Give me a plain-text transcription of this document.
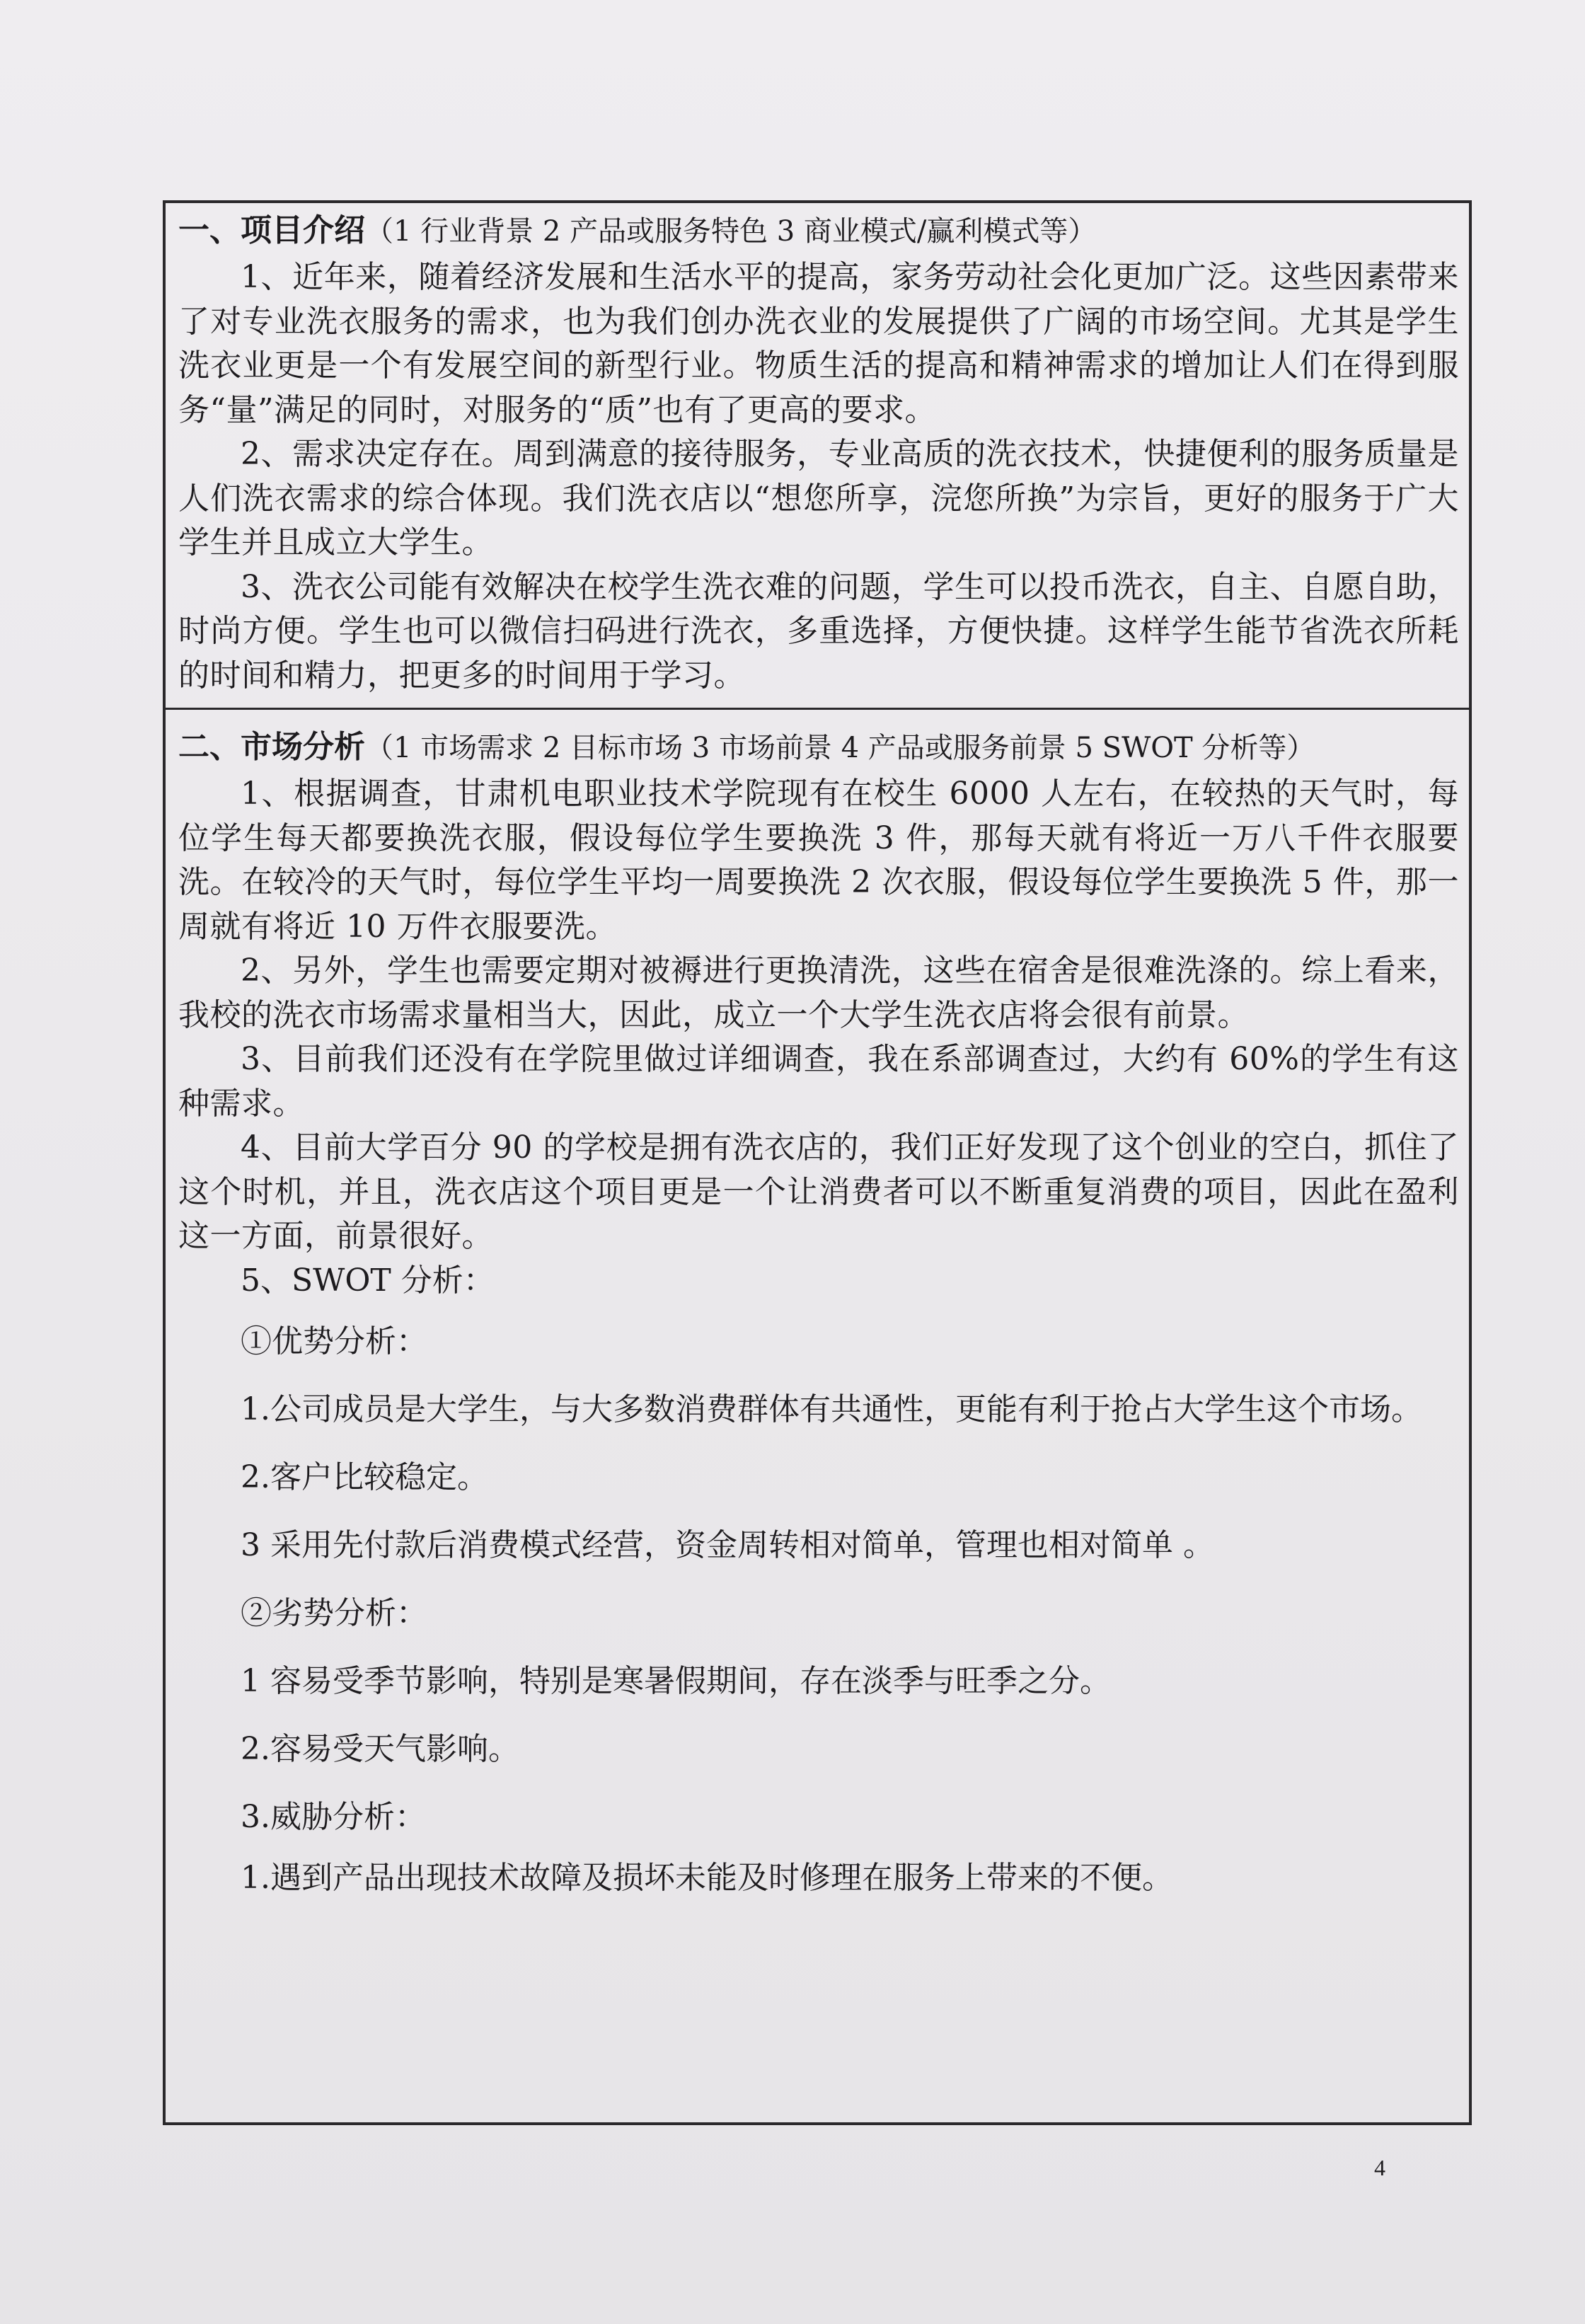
一、项目介绍（1 行业背景 2 产品或服务特色 3 商业模式/赢利模式等）

1、近年来，随着经济发展和生活水平的提高，家务劳动社会化更加广泛。这些因素带来了对专业洗衣服务的需求，也为我们创办洗衣业的发展提供了广阔的市场空间。尤其是学生洗衣业更是一个有发展空间的新型行业。物质生活的提高和精神需求的增加让人们在得到服务“量”满足的同时，对服务的“质”也有了更高的要求。

2、需求决定存在。周到满意的接待服务，专业高质的洗衣技术，快捷便利的服务质量是人们洗衣需求的综合体现。我们洗衣店以“想您所享，浣您所换”为宗旨，更好的服务于广大学生并且成立大学生。

3、洗衣公司能有效解决在校学生洗衣难的问题，学生可以投币洗衣，自主、自愿自助，时尚方便。学生也可以微信扫码进行洗衣，多重选择，方便快捷。这样学生能节省洗衣所耗的时间和精力，把更多的时间用于学习。

二、市场分析（1 市场需求 2 目标市场 3 市场前景 4 产品或服务前景 5 SWOT 分析等）

1、根据调查，甘肃机电职业技术学院现有在校生 6000 人左右，在较热的天气时，每位学生每天都要换洗衣服，假设每位学生要换洗 3 件，那每天就有将近一万八千件衣服要洗。在较冷的天气时，每位学生平均一周要换洗 2 次衣服，假设每位学生要换洗 5 件，那一周就有将近 10 万件衣服要洗。

2、另外，学生也需要定期对被褥进行更换清洗，这些在宿舍是很难洗涤的。综上看来，我校的洗衣市场需求量相当大，因此，成立一个大学生洗衣店将会很有前景。

3、目前我们还没有在学院里做过详细调查，我在系部调查过，大约有 60%的学生有这种需求。

4、目前大学百分 90 的学校是拥有洗衣店的，我们正好发现了这个创业的空白，抓住了这个时机，并且，洗衣店这个项目更是一个让消费者可以不断重复消费的项目，因此在盈利这一方面，前景很好。

5、SWOT 分析：

①优势分析：

1.公司成员是大学生，与大多数消费群体有共通性，更能有利于抢占大学生这个市场。

2.客户比较稳定。

3 采用先付款后消费模式经营，资金周转相对简单，管理也相对简单 。

②劣势分析：

1 容易受季节影响，特别是寒暑假期间，存在淡季与旺季之分。

2.容易受天气影响。

3.威胁分析：

1.遇到产品出现技术故障及损坏未能及时修理在服务上带来的不便。

4
